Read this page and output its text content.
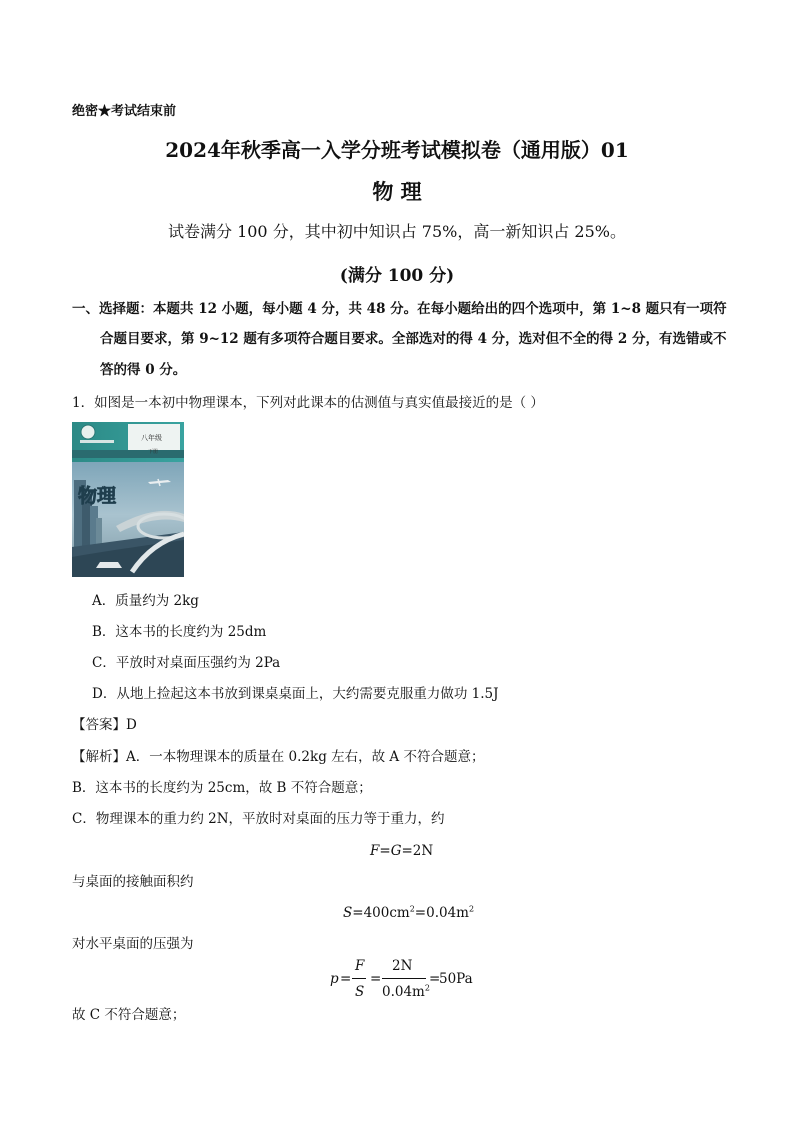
绝密★考试结束前
2024年秋季高一入学分班考试模拟卷（通用版）01
物 理
试卷满分 100 分，其中初中知识占 75%，高一新知识占 25%。
(满分 100 分)
一、选择题：本题共 12 小题，每小题 4 分，共 48 分。在每小题给出的四个选项中，第 1~8 题只有一项符
合题目要求，第 9~12 题有多项符合题目要求。全部选对的得 4 分，选对但不全的得 2 分，有选错或不
答的得 0 分。
1．如图是一本初中物理课本，下列对此课本的估测值与真实值最接近的是（ ）
物理
八年级
下册
A．质量约为 2kg
B．这本书的长度约为 25dm
C．平放时对桌面压强约为 2Pa
D．从地上捡起这本书放到课桌桌面上，大约需要克服重力做功 1.5J
【答案】D
【解析】A．一本物理课本的质量在 0.2kg 左右，故 A 不符合题意；
B．这本书的长度约为 25cm，故 B 不符合题意；
C．物理课本的重力约 2N，平放时对桌面的压力等于重力，约
F=G=2N
与桌面的接触面积约
$S=400cm^2=0.04m^2$
对水平桌面的压强为
p =
F
S
=
2N
$0.04m^2$
=
50Pa
故 C 不符合题意；
